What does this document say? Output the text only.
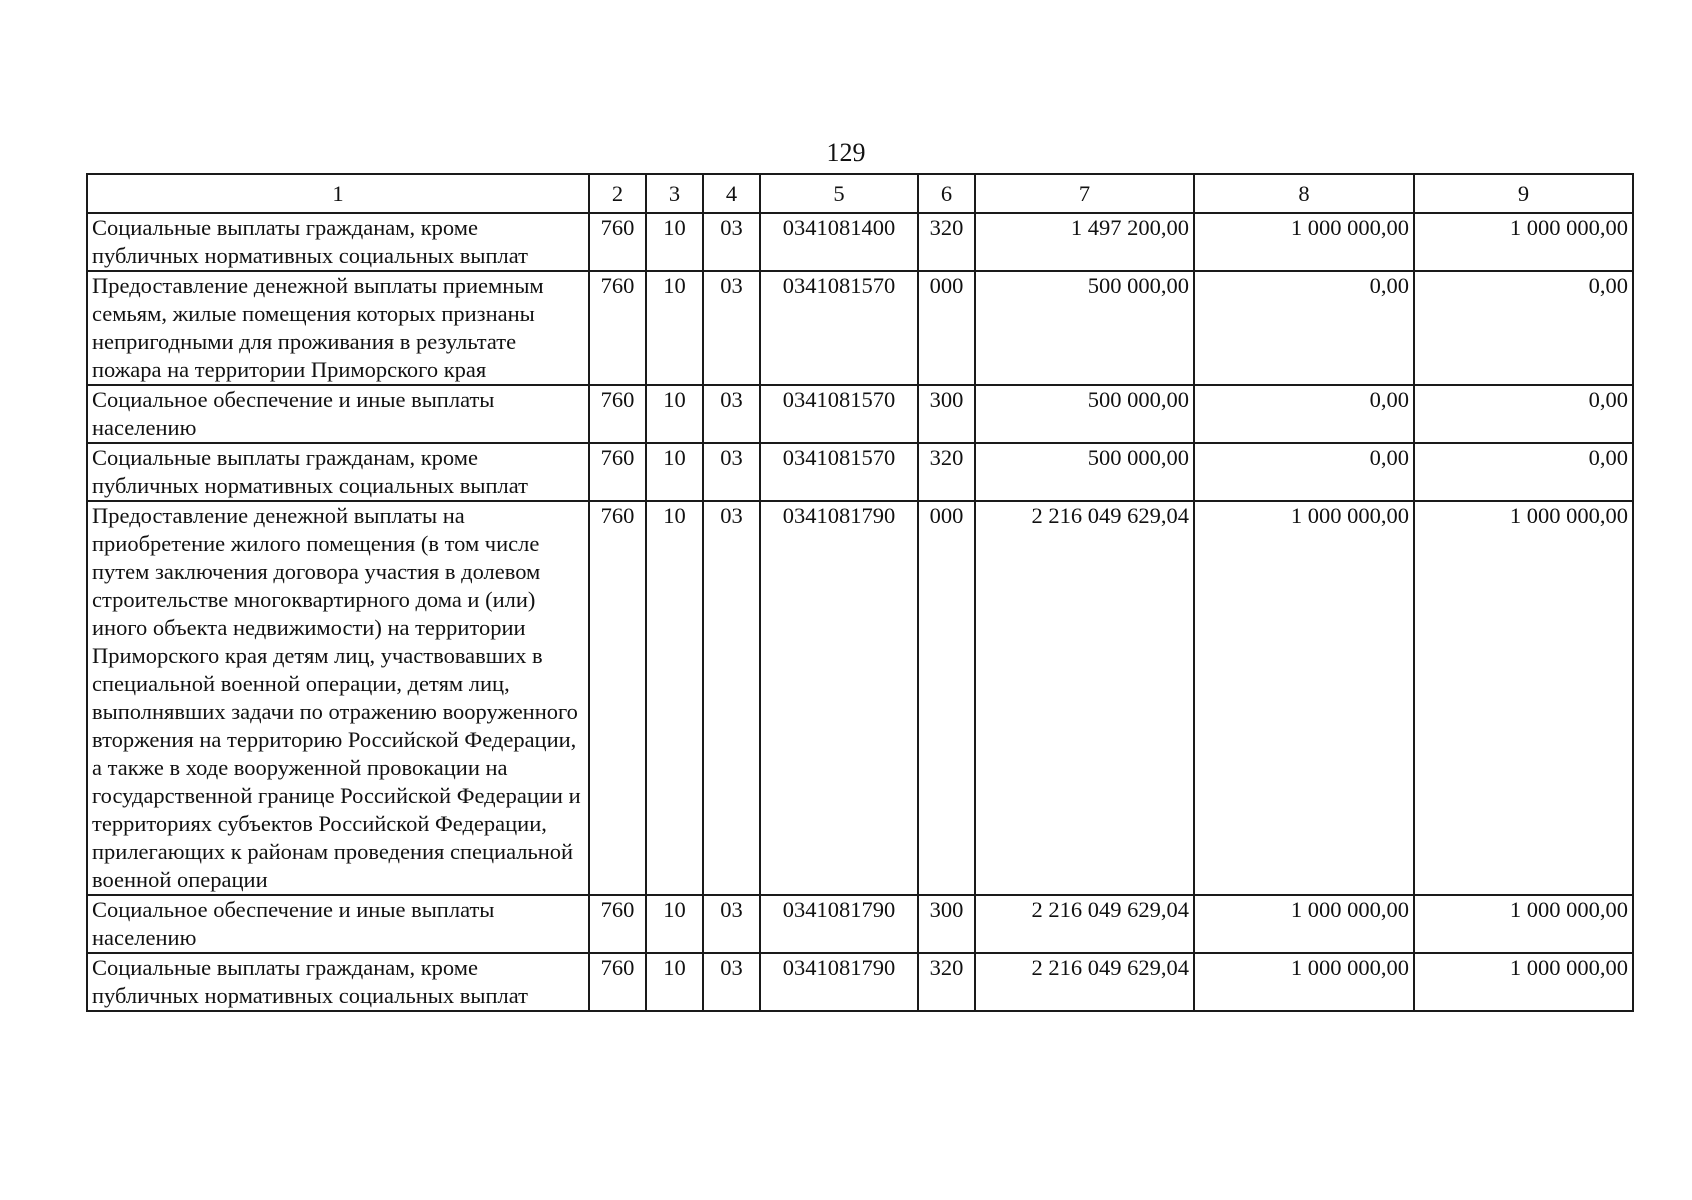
129
1	2	3	4	5	6	7	8	9
Социальные выплаты гражданам, кроме публичных нормативных социальных выплат	760	10	03	0341081400	320	1 497 200,00	1 000 000,00	1 000 000,00
Предоставление денежной выплаты приемным семьям, жилые помещения которых признаны непригодными для проживания в результате пожара на территории Приморского края	760	10	03	0341081570	000	500 000,00	0,00	0,00
Социальное обеспечение и иные выплаты населению	760	10	03	0341081570	300	500 000,00	0,00	0,00
Социальные выплаты гражданам, кроме публичных нормативных социальных выплат	760	10	03	0341081570	320	500 000,00	0,00	0,00
Предоставление денежной выплаты на приобретение жилого помещения (в том числе путем заключения договора участия в долевом строительстве многоквартирного дома и (или) иного объекта недвижимости) на территории Приморского края детям лиц, участвовавших в специальной военной операции, детям лиц, выполнявших задачи по отражению вооруженного вторжения на территорию Российской Федерации, а также в ходе вооруженной провокации на государственной границе Российской Федерации и территориях субъектов Российской Федерации, прилегающих к районам проведения специальной военной операции	760	10	03	0341081790	000	2 216 049 629,04	1 000 000,00	1 000 000,00
Социальное обеспечение и иные выплаты населению	760	10	03	0341081790	300	2 216 049 629,04	1 000 000,00	1 000 000,00
Социальные выплаты гражданам, кроме публичных нормативных социальных выплат	760	10	03	0341081790	320	2 216 049 629,04	1 000 000,00	1 000 000,00
